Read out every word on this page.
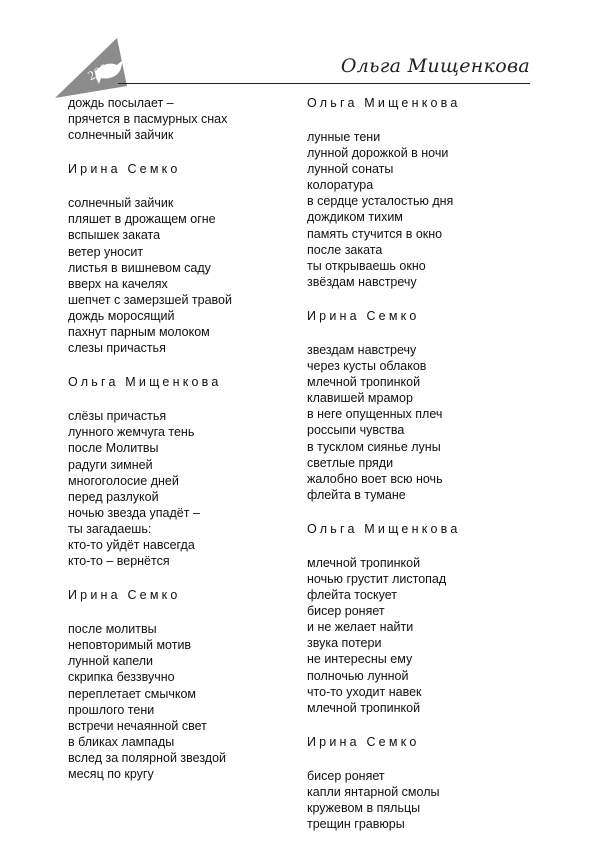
200	Ольга Мищенкова
дождь посылает –
прячется в пасмурных снах
солнечный зайчик
Ирина Семко
солнечный зайчик
пляшет в дрожащем огне
вспышек заката
ветер уносит
листья в вишневом саду
вверх на качелях
шепчет с замерзшей травой
дождь моросящий
пахнут парным молоком
слезы причастья
Ольга Мищенкова
слёзы причастья
лунного жемчуга тень
после Молитвы
радуги зимней
многоголосие дней
перед разлукой
ночью звезда упадёт –
ты загадаешь:
кто-то уйдёт навсегда
кто-то – вернётся
Ирина Семко
после молитвы
неповторимый мотив
лунной капели
скрипка беззвучно
переплетает смычком
прошлого тени
встречи нечаянной свет
в бликах лампады
вслед за полярной звездой
месяц по кругу
Ольга Мищенкова
лунные тени
лунной дорожкой в ночи
лунной сонаты
колоратура
в сердце усталостью дня
дождиком тихим
память стучится в окно
после заката
ты открываешь окно
звёздам навстречу
Ирина Семко
звездам навстречу
через кусты облаков
млечной тропинкой
клавишей мрамор
в неге опущенных плеч
россыпи чувства
в тусклом сиянье луны
светлые пряди
жалобно воет всю ночь
флейта в тумане
Ольга Мищенкова
млечной тропинкой
ночью грустит листопад
флейта тоскует
бисер роняет
и не желает найти
звука потери
не интересны ему
полночью лунной
что-то уходит навек
млечной тропинкой
Ирина Семко
бисер роняет
капли янтарной смолы
кружевом в пяльцы
трещин гравюры
